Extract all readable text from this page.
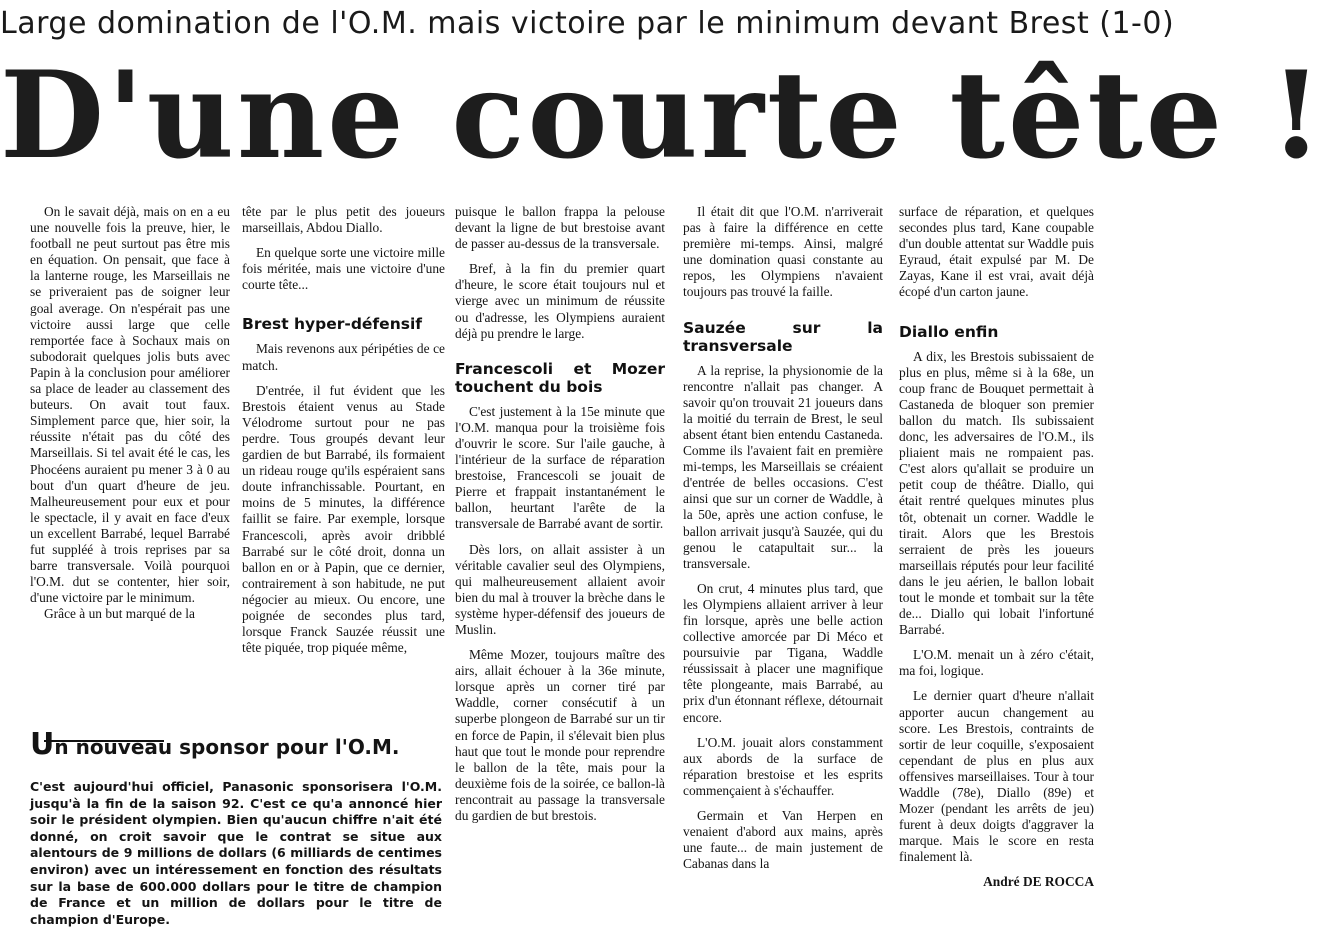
Large domination de l'O.M. mais victoire par le minimum devant Brest (1-0)
D'une courte tête !

On le savait déjà, mais on en a eu une nouvelle fois la preuve, hier, le football ne peut surtout pas être mis en équation. On pensait, que face à la lanterne rouge, les Marseillais ne se priveraient pas de soigner leur goal average. On n'espérait pas une victoire aussi large que celle remportée face à Sochaux mais on subodorait quelques jolis buts avec Papin à la conclusion pour améliorer sa place de leader au classement des buteurs. On avait tout faux. Simplement parce que, hier soir, la réussite n'était pas du côté des Marseillais. Si tel avait été le cas, les Phocéens auraient pu mener 3 à 0 au bout d'un quart d'heure de jeu. Malheureusement pour eux et pour le spectacle, il y avait en face d'eux un excellent Barrabé, lequel Barrabé fut suppléé à trois reprises par sa barre transversale. Voilà pourquoi l'O.M. dut se contenter, hier soir, d'une victoire par le minimum.

Grâce à un but marqué de la

tête par le plus petit des joueurs marseillais, Abdou Diallo.

En quelque sorte une victoire mille fois méritée, mais une victoire d'une courte tête...

Brest hyper-défensif

Mais revenons aux péripéties de ce match.

D'entrée, il fut évident que les Brestois étaient venus au Stade Vélodrome surtout pour ne pas perdre. Tous groupés devant leur gardien de but Barrabé, ils formaient un rideau rouge qu'ils espéraient sans doute infranchissable. Pourtant, en moins de 5 minutes, la différence faillit se faire. Par exemple, lorsque Francescoli, après avoir dribblé Barrabé sur le côté droit, donna un ballon en or à Papin, que ce dernier, contrairement à son habitude, ne put négocier au mieux. Ou encore, une poignée de secondes plus tard, lorsque Franck Sauzée réussit une tête piquée, trop piquée même,

puisque le ballon frappa la pelouse devant la ligne de but brestoise avant de passer au-dessus de la transversale.

Bref, à la fin du premier quart d'heure, le score était toujours nul et vierge avec un minimum de réussite ou d'adresse, les Olympiens auraient déjà pu prendre le large.

Francescoli et Mozer touchent du bois

C'est justement à la 15e minute que l'O.M. manqua pour la troisième fois d'ouvrir le score. Sur l'aile gauche, à l'intérieur de la surface de réparation brestoise, Francescoli se jouait de Pierre et frappait instantanément le ballon, heurtant l'arête de la transversale de Barrabé avant de sortir.

Dès lors, on allait assister à un véritable cavalier seul des Olympiens, qui malheureusement allaient avoir bien du mal à trouver la brèche dans le système hyper-défensif des joueurs de Muslin.

Même Mozer, toujours maître des airs, allait échouer à la 36e minute, lorsque après un corner tiré par Waddle, corner consécutif à un superbe plongeon de Barrabé sur un tir en force de Papin, il s'élevait bien plus haut que tout le monde pour reprendre le ballon de la tête, mais pour la deuxième fois de la soirée, ce ballon-là rencontrait au passage la transversale du gardien de but brestois.

Il était dit que l'O.M. n'arriverait pas à faire la différence en cette première mi-temps. Ainsi, malgré une domination quasi constante au repos, les Olympiens n'avaient toujours pas trouvé la faille.

Sauzée sur la transversale

A la reprise, la physionomie de la rencontre n'allait pas changer. A savoir qu'on trouvait 21 joueurs dans la moitié du terrain de Brest, le seul absent étant bien entendu Castaneda. Comme ils l'avaient fait en première mi-temps, les Marseillais se créaient d'entrée de belles occasions. C'est ainsi que sur un corner de Waddle, à la 50e, après une action confuse, le ballon arrivait jusqu'à Sauzée, qui du genou le catapultait sur... la transversale.

On crut, 4 minutes plus tard, que les Olympiens allaient arriver à leur fin lorsque, après une belle action collective amorcée par Di Méco et poursuivie par Tigana, Waddle réussissait à placer une magnifique tête plongeante, mais Barrabé, au prix d'un étonnant réflexe, détournait encore.

L'O.M. jouait alors constamment aux abords de la surface de réparation brestoise et les esprits commençaient à s'échauffer.

Germain et Van Herpen en venaient d'abord aux mains, après une faute... de main justement de Cabanas dans la

surface de réparation, et quelques secondes plus tard, Kane coupable d'un double attentat sur Waddle puis Eyraud, était expulsé par M. De Zayas, Kane il est vrai, avait déjà écopé d'un carton jaune.

Diallo enfin

A dix, les Brestois subissaient de plus en plus, même si à la 68e, un coup franc de Bouquet permettait à Castaneda de bloquer son premier ballon du match. Ils subissaient donc, les adversaires de l'O.M., ils pliaient mais ne rompaient pas. C'est alors qu'allait se produire un petit coup de théâtre. Diallo, qui était rentré quelques minutes plus tôt, obtenait un corner. Waddle le tirait. Alors que les Brestois serraient de près les joueurs marseillais réputés pour leur facilité dans le jeu aérien, le ballon lobait tout le monde et tombait sur la tête de... Diallo qui lobait l'infortuné Barrabé.

L'O.M. menait un à zéro c'était, ma foi, logique.

Le dernier quart d'heure n'allait apporter aucun changement au score. Les Brestois, contraints de sortir de leur coquille, s'exposaient cependant de plus en plus aux offensives marseillaises. Tour à tour Waddle (78e), Diallo (89e) et Mozer (pendant les arrêts de jeu) furent à deux doigts d'aggraver la marque. Mais le score en resta finalement là.

André DE ROCCA
Un nouveau sponsor pour l'O.M.
C'est aujourd'hui officiel, Panasonic sponsorisera l'O.M. jusqu'à la fin de la saison 92. C'est ce qu'a annoncé hier soir le président olympien. Bien qu'aucun chiffre n'ait été donné, on croit savoir que le contrat se situe aux alentours de 9 millions de dollars (6 milliards de centimes environ) avec un intéressement en fonction des résultats sur la base de 600.000 dollars pour le titre de champion de France et un million de dollars pour le titre de champion d'Europe.
